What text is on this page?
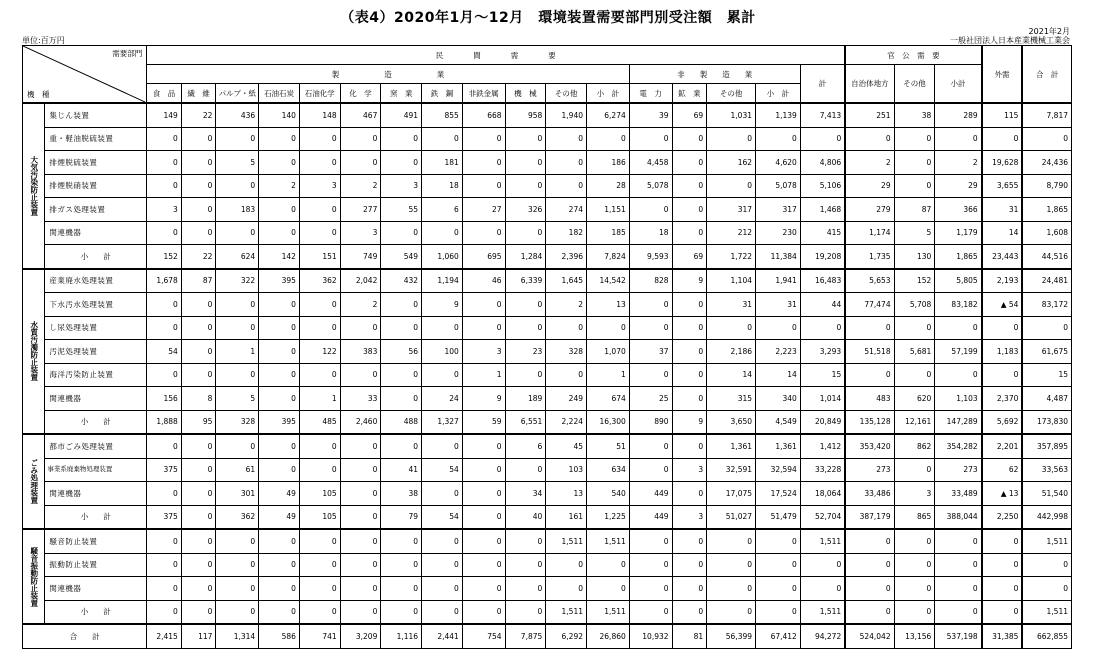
（表4）2020年1月～12月　環境装置需要部門別受注額　累計
2021年2月
単位:百万円	一般社団法人日本産業機械工業会
需要部門
機　種		民　　　　間　　　　需　　　　要																	官　公　需　要			外需	合　計
		製　　　　　　造　　　　　　業												非　　製　　造　　業				計	自治体地方	その他	小計		
		食　品	繊　維	パルプ・紙	石油石炭	石油化学	化　学	窯　業	鉄　鋼	非鉄金属	機　械	その他	小　計	電　力	鉱　業	その他	小　計						
大気汚染防止装置	集じん装置	149	22	436	140	148	467	491	855	668	958	1,940	6,274	39	69	1,031	1,139	7,413	251	38	289	115	7,817
	重・軽油脱硫装置	0	0	0	0	0	0	0	0	0	0	0	0	0	0	0	0	0	0	0	0	0	0
	排煙脱硫装置	0	0	5	0	0	0	0	181	0	0	0	186	4,458	0	162	4,620	4,806	2	0	2	19,628	24,436
	排煙脱硝装置	0	0	0	2	3	2	3	18	0	0	0	28	5,078	0	0	5,078	5,106	29	0	29	3,655	8,790
	排ガス処理装置	3	0	183	0	0	277	55	6	27	326	274	1,151	0	0	317	317	1,468	279	87	366	31	1,865
	関連機器	0	0	0	0	0	3	0	0	0	0	182	185	18	0	212	230	415	1,174	5	1,179	14	1,608
	小　　計	152	22	624	142	151	749	549	1,060	695	1,284	2,396	7,824	9,593	69	1,722	11,384	19,208	1,735	130	1,865	23,443	44,516
水質汚濁防止装置	産業廃水処理装置	1,678	87	322	395	362	2,042	432	1,194	46	6,339	1,645	14,542	828	9	1,104	1,941	16,483	5,653	152	5,805	2,193	24,481
	下水汚水処理装置	0	0	0	0	0	2	0	9	0	0	2	13	0	0	31	31	44	77,474	5,708	83,182	▲ 54	83,172
	し尿処理装置	0	0	0	0	0	0	0	0	0	0	0	0	0	0	0	0	0	0	0	0	0	0
	汚泥処理装置	54	0	1	0	122	383	56	100	3	23	328	1,070	37	0	2,186	2,223	3,293	51,518	5,681	57,199	1,183	61,675
	海洋汚染防止装置	0	0	0	0	0	0	0	0	1	0	0	1	0	0	14	14	15	0	0	0	0	15
	関連機器	156	8	5	0	1	33	0	24	9	189	249	674	25	0	315	340	1,014	483	620	1,103	2,370	4,487
	小　　計	1,888	95	328	395	485	2,460	488	1,327	59	6,551	2,224	16,300	890	9	3,650	4,549	20,849	135,128	12,161	147,289	5,692	173,830
ごみ処理装置	都市ごみ処理装置	0	0	0	0	0	0	0	0	0	6	45	51	0	0	1,361	1,361	1,412	353,420	862	354,282	2,201	357,895
	事業系廃棄物処理装置	375	0	61	0	0	0	41	54	0	0	103	634	0	3	32,591	32,594	33,228	273	0	273	62	33,563
	関連機器	0	0	301	49	105	0	38	0	0	34	13	540	449	0	17,075	17,524	18,064	33,486	3	33,489	▲ 13	51,540
	小　　計	375	0	362	49	105	0	79	54	0	40	161	1,225	449	3	51,027	51,479	52,704	387,179	865	388,044	2,250	442,998
騒音振動防止装置	騒音防止装置	0	0	0	0	0	0	0	0	0	0	1,511	1,511	0	0	0	0	1,511	0	0	0	0	1,511
	振動防止装置	0	0	0	0	0	0	0	0	0	0	0	0	0	0	0	0	0	0	0	0	0	0
	関連機器	0	0	0	0	0	0	0	0	0	0	0	0	0	0	0	0	0	0	0	0	0	0
	小　　計	0	0	0	0	0	0	0	0	0	0	1,511	1,511	0	0	0	0	1,511	0	0	0	0	1,511
合　　計		2,415	117	1,314	586	741	3,209	1,116	2,441	754	7,875	6,292	26,860	10,932	81	56,399	67,412	94,272	524,042	13,156	537,198	31,385	662,855
